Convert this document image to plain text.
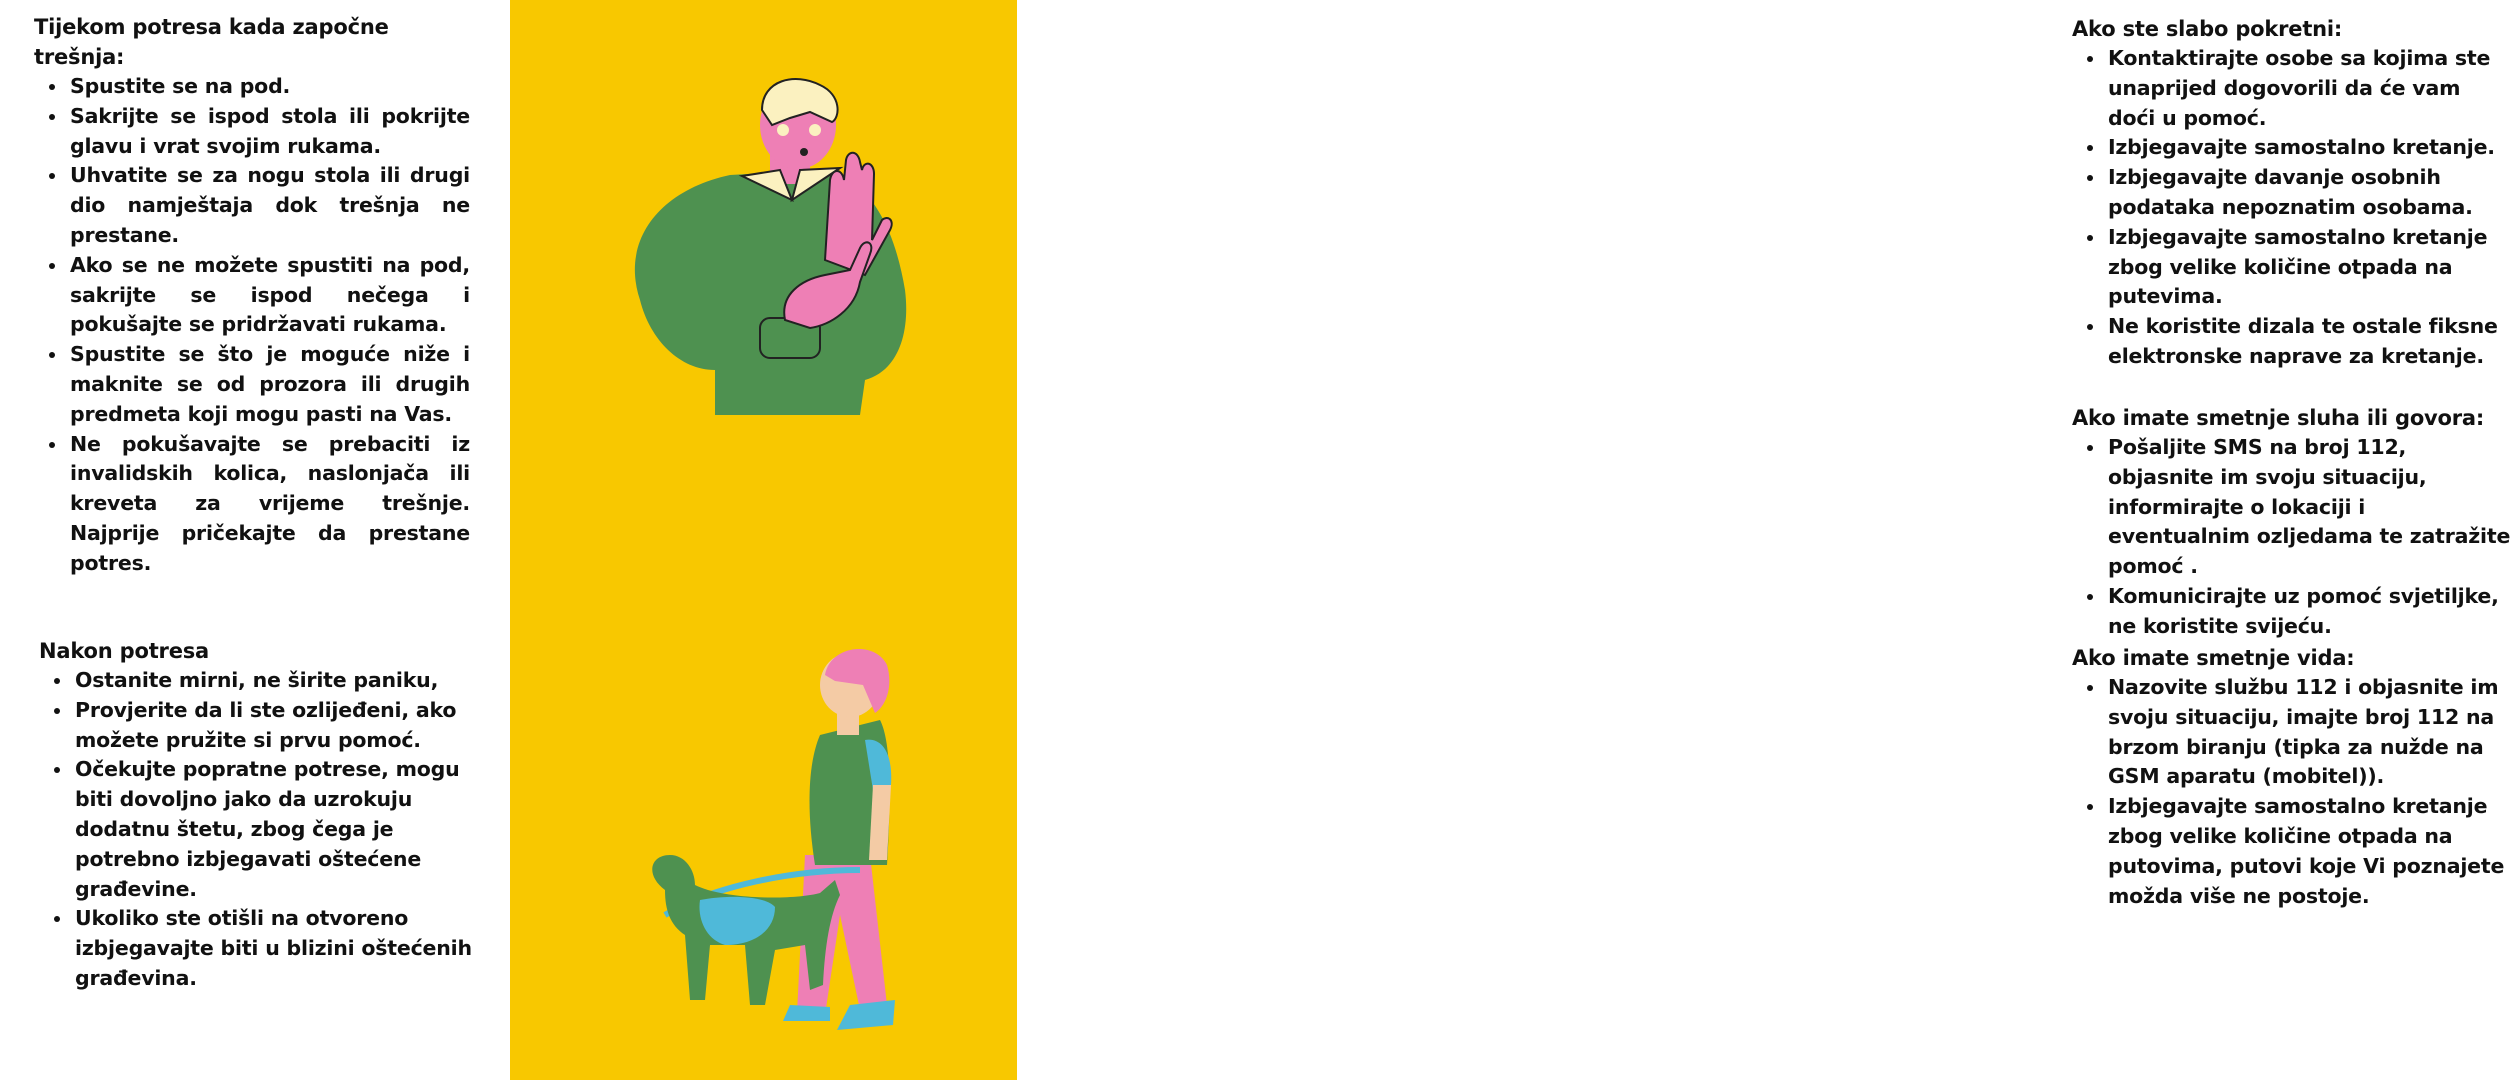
Tijekom potresa kada započne trešnja:
Spustite se na pod.
Sakrijte se ispod stola ili pokrijte glavu i vrat svojim rukama.
Uhvatite se za nogu stola ili drugi dio namještaja dok trešnja ne prestane.
Ako se ne možete spustiti na pod, sakrijte se ispod nečega i pokušajte se pridržavati rukama.
Spustite se što je moguće niže i maknite se od prozora ili drugih predmeta koji mogu pasti na Vas.
Ne pokušavajte se prebaciti iz invalidskih kolica, naslonjača ili kreveta za vrijeme trešnje. Najprije pričekajte da prestane potres.
Nakon potresa
Ostanite mirni, ne širite paniku,
Provjerite da li ste ozlijeđeni, ako možete pružite si prvu pomoć.
Očekujte popratne potrese, mogu biti dovoljno jako da uzrokuju dodatnu štetu, zbog čega je potrebno izbjegavati oštećene građevine.
Ukoliko ste otišli na otvoreno izbjegavajte biti u blizini oštećenih građevina.
Ako ste slabo pokretni:
Kontaktirajte osobe sa kojima ste unaprijed dogovorili da će vam doći u pomoć.
Izbjegavajte samostalno kretanje.
Izbjegavajte davanje osobnih podataka nepoznatim osobama.
Izbjegavajte samostalno kretanje zbog velike količine otpada na putevima.
Ne koristite dizala te ostale fiksne elektronske naprave za kretanje.
Ako imate smetnje sluha ili govora:
Pošaljite SMS na broj 112, objasnite im svoju situaciju, informirajte o lokaciji i eventualnim ozljedama te zatražite pomoć .
Komunicirajte uz pomoć svjetiljke, ne koristite svijeću.
Ako imate smetnje vida:
Nazovite službu 112 i objasnite im svoju situaciju, imajte broj 112 na brzom biranju (tipka za nužde na GSM aparatu (mobitel)).
Izbjegavajte samostalno kretanje zbog velike količine otpada na putovima, putovi koje Vi poznajete možda više ne postoje.
